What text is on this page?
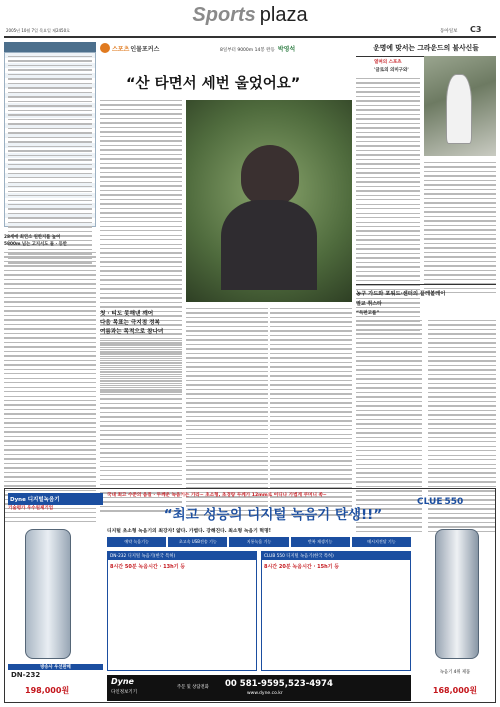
2005년 10월 7일 목요일 제2450호
Sports plaza
동아일보 C3
28세에 최연소 원한지를 높여
5800m 넘는 고지서도 돌 · 등반
스포츠 인물포커스	8일부터 9000m 14봉 완등 박영석
“산 타면서 세번 울었어요”
첫 · 티도 못해낸 깨어
다음 목표는 극지점 정복
여름과는 목적으로 참나녀
운명에 맞서는 그라운드의 불사신들
열며의 스포츠
'글로의 의미구와'
농구 가드와 포워드·센터의 플레볼레이
열교 취스타
“득펀고를”
국내 최고 수준의 음질 · 두께운 녹음기는 가라~ 초소형, 초경량 두께가 12mm로 어디나 가볍게 쿠머니 쏙~
Dyne 디지털녹음기
기술평가 우수원제기업
방송사 우선판매
DN-232
198,000원
“최고 성능의 디지털 녹음기 탄생!!”
디지털 초소형 녹음기의 최강자! 얇다. 가볍다. 강해진다. 최소형 녹음기 혁명!
예약 녹음기능	초고속 USB전송 기능	지통녹음 기능	반복 재생기능	메시지전달 기능
DN-232 디지털 녹음기(한국 특허)
8시간 50분 녹음시간 · 13h기 등
CLUB 550 디지털 녹음기(한국 특허)
8시간 20분 녹음시간 · 15h기 등
Dyne
다인정보기기
주문 및 상담전화 00 581-9595,523-4974
www.dyne.co.kr
CLUE 550
녹음기 4위 제품
168,000원
